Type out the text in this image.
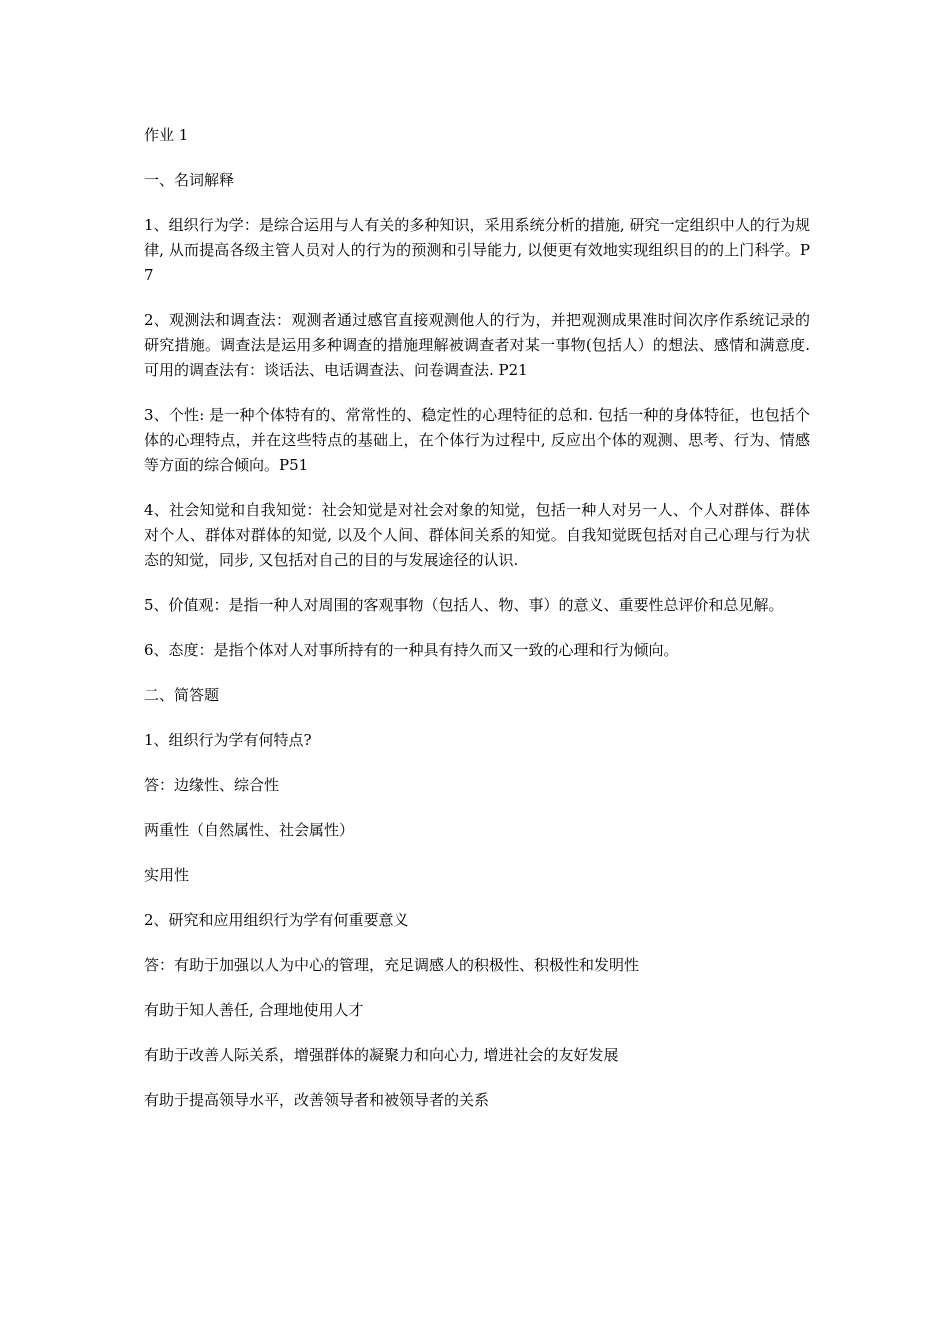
作业 1

一、名词解释

1、组织行为学：是综合运用与人有关的多种知识，采用系统分析的措施, 研究一定组织中人的行为规律, 从而提高各级主管人员对人的行为的预测和引导能力, 以便更有效地实现组织目的的上门科学。P7

2、观测法和调查法：观测者通过感官直接观测他人的行为，并把观测成果准时间次序作系统记录的研究措施。调查法是运用多种调查的措施理解被调查者对某一事物(包括人）的想法、感情和满意度. 可用的调查法有：谈话法、电话调查法、问卷调查法. P21

3、个性: 是一种个体特有的、常常性的、稳定性的心理特征的总和. 包括一种的身体特征，也包括个体的心理特点，并在这些特点的基础上，在个体行为过程中, 反应出个体的观测、思考、行为、情感等方面的综合倾向。P51

4、社会知觉和自我知觉：社会知觉是对社会对象的知觉，包括一种人对另一人、个人对群体、群体对个人、群体对群体的知觉, 以及个人间、群体间关系的知觉。自我知觉既包括对自己心理与行为状态的知觉，同步, 又包括对自己的目的与发展途径的认识.

5、价值观：是指一种人对周围的客观事物（包括人、物、事）的意义、重要性总评价和总见解。

6、态度：是指个体对人对事所持有的一种具有持久而又一致的心理和行为倾向。

二、简答题

1、组织行为学有何特点?

答：边缘性、综合性

两重性（自然属性、社会属性）

实用性

2、研究和应用组织行为学有何重要意义

答：有助于加强以人为中心的管理，充足调感人的积极性、积极性和发明性

有助于知人善任, 合理地使用人才

有助于改善人际关系，增强群体的凝聚力和向心力, 增进社会的友好发展

有助于提高领导水平，改善领导者和被领导者的关系
